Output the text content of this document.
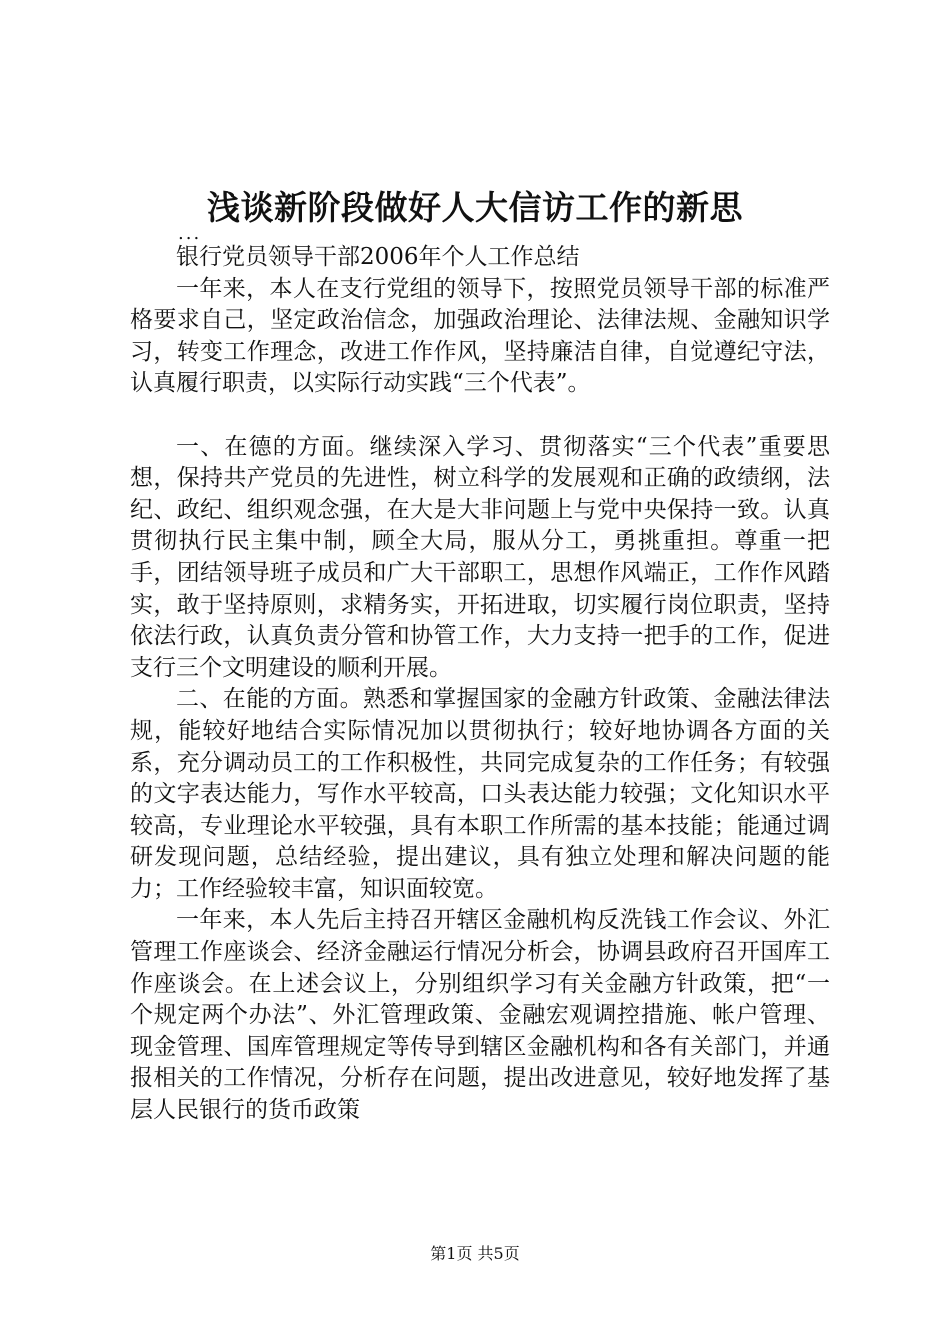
浅谈新阶段做好人大信访工作的新思
...

银行党员领导干部2006年个人工作总结

一年来，本人在支行党组的领导下，按照党员领导干部的标准严格要求自己，坚定政治信念，加强政治理论、法律法规、金融知识学习，转变工作理念，改进工作作风，坚持廉洁自律，自觉遵纪守法，认真履行职责，以实际行动实践“三个代表”。

一、在德的方面。继续深入学习、贯彻落实“三个代表”重要思想，保持共产党员的先进性，树立科学的发展观和正确的政绩纲，法纪、政纪、组织观念强，在大是大非问题上与党中央保持一致。认真贯彻执行民主集中制，顾全大局，服从分工，勇挑重担。尊重一把手，团结领导班子成员和广大干部职工，思想作风端正，工作作风踏实，敢于坚持原则，求精务实，开拓进取，切实履行岗位职责，坚持依法行政，认真负责分管和协管工作，大力支持一把手的工作，促进支行三个文明建设的顺利开展。

二、在能的方面。熟悉和掌握国家的金融方针政策、金融法律法规，能较好地结合实际情况加以贯彻执行；较好地协调各方面的关系，充分调动员工的工作积极性，共同完成复杂的工作任务；有较强的文字表达能力，写作水平较高，口头表达能力较强；文化知识水平较高，专业理论水平较强，具有本职工作所需的基本技能；能通过调研发现问题，总结经验，提出建议，具有独立处理和解决问题的能力；工作经验较丰富，知识面较宽。

一年来，本人先后主持召开辖区金融机构反洗钱工作会议、外汇管理工作座谈会、经济金融运行情况分析会，协调县政府召开国库工作座谈会。在上述会议上，分别组织学习有关金融方针政策，把“一个规定两个办法”、外汇管理政策、金融宏观调控措施、帐户管理、现金管理、国库管理规定等传导到辖区金融机构和各有关部门，并通报相关的工作情况，分析存在问题，提出改进意见，较好地发挥了基层人民银行的货币政策

第1页 共5页
